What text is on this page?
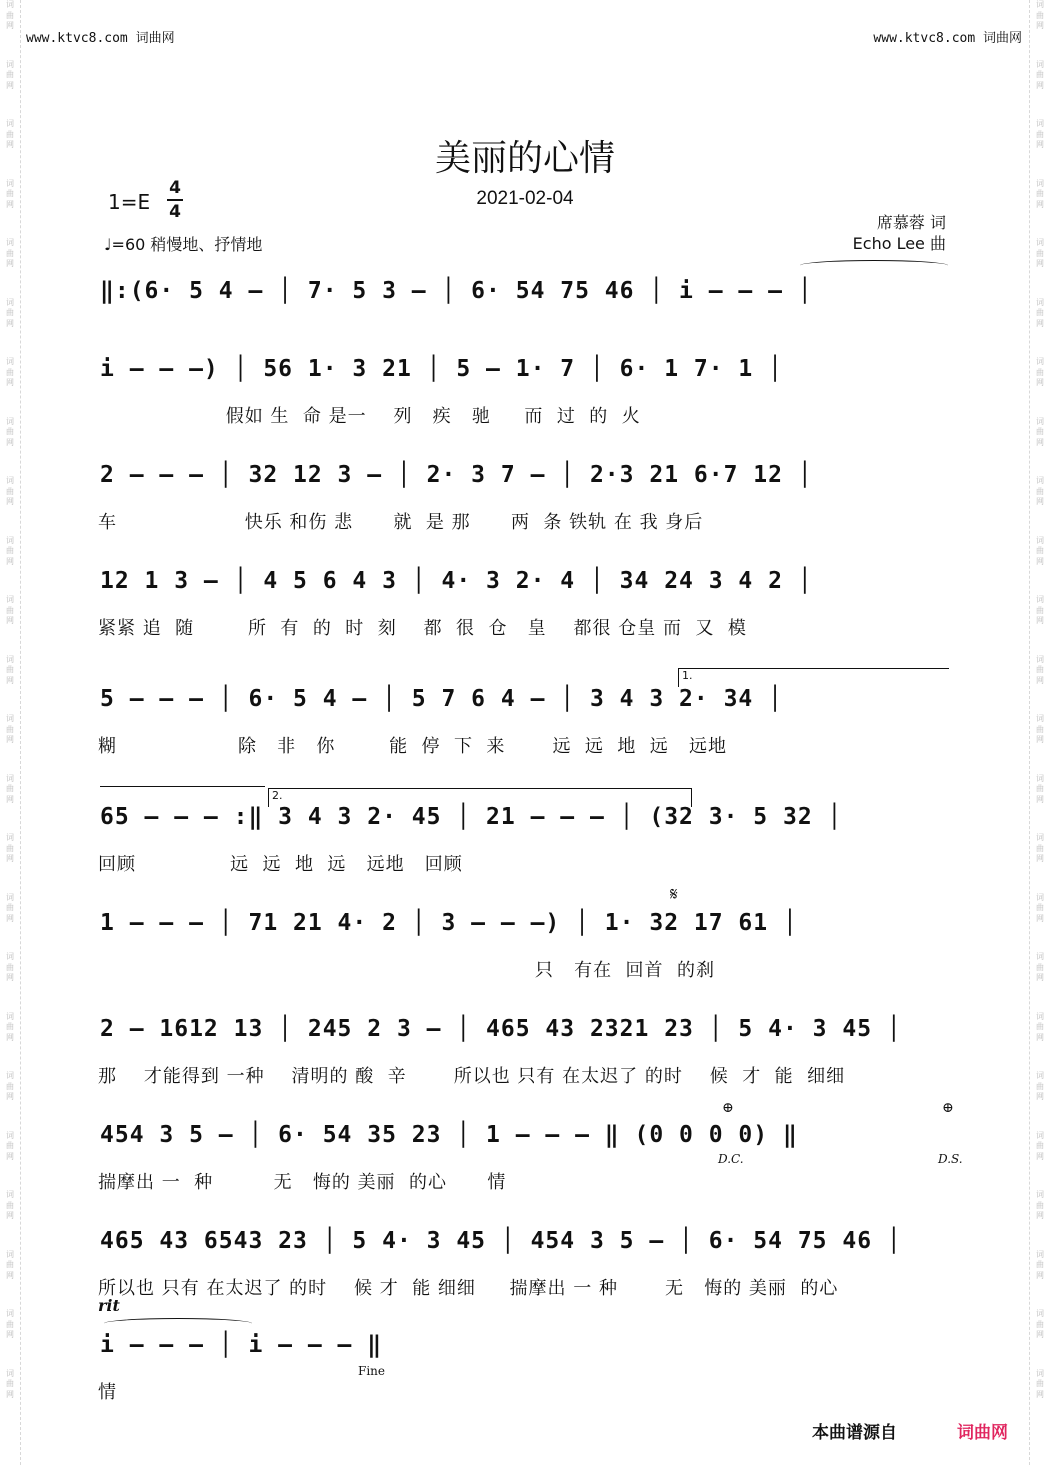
词
曲
网
词
曲
网
词
曲
网
词
曲
网
词
曲
网
词
曲
网
词
曲
网
词
曲
网
词
曲
网
词
曲
网
词
曲
网
词
曲
网
词
曲
网
词
曲
网
词
曲
网
词
曲
网
词
曲
网
词
曲
网
词
曲
网
词
曲
网
词
曲
网
词
曲
网
词
曲
网
词
曲
网
词
曲
网
词
曲
网
词
曲
网
词
曲
网
词
曲
网
词
曲
网
词
曲
网
词
曲
网
词
曲
网
词
曲
网
词
曲
网
词
曲
网
词
曲
网
词
曲
网
词
曲
网
词
曲
网
词
曲
网
词
曲
网
词
曲
网
词
曲
网
词
曲
网
词
曲
网
词
曲
网
词
曲
网
www.ktvc8.com 词曲网	www.ktvc8.com 词曲网
美丽的心情
2021-02-04
1=E
4
4
♩=60 稍慢地、抒情地
席慕蓉 词
Echo Lee 曲
‖:(6· 5 4 – │ 7· 5 3 – │ 6· 54 75 46 │ i – – – │
i – – –) │ 56 1· 3 21 │ 5 – 1· 7 │ 6· 1 7· 1 │
假如 生  命 是一    列   疾   驰     而  过  的  火
2 – – – │ 32 12 3 – │ 2· 3 7 – │ 2·3 21 6·7 12 │
车                   快乐 和伤 悲      就  是 那      两  条 铁轨 在 我 身后
12 1 3 – │ 4 5 6 4 3 │ 4· 3 2· 4 │ 34 24 3 4 2 │
紧紧 追  随        所  有  的  时  刻    都  很  仓   皇    都很 仓皇 而  又  模
5 – – – │ 6· 5 4 – │ 5 7 6 4 – │ 3 4 3 2· 34 │
糊                  除   非   你        能  停  下  来       远  远  地  远   远地
65 – – – :‖ 3 4 3 2· 45 │ 21 – – – │ (32 3· 5 32 │
回顾              远  远  地  远   远地   回顾
1 – – – │ 71 21 4· 2 │ 3 – – –) │ 1· 32 17 61 │
只   有在  回首  的刹
2 – 1612 13 │ 245 2 3 – │ 465 43 2321 23 │ 5 4· 3 45 │
那    才能得到 一种    清明的 酸  辛       所以也 只有 在太迟了 的时    候  才  能  细细
454 3 5 – │ 6· 54 35 23 │ 1 – – – ‖ (0 0 0 0) ‖
揣摩出 一  种         无   悔的 美丽  的心      情
465 43 6543 23 │ 5 4· 3 45 │ 454 3 5 – │ 6· 54 75 46 │
所以也 只有 在太迟了 的时    候 才  能 细细     揣摩出 一 种       无   悔的 美丽  的心
i – – – │ i – – – ‖
情
本曲谱源自	词曲网
1.
2.
𝄋
⊕	⊕
D.C.	D.S.
rit
Fine
